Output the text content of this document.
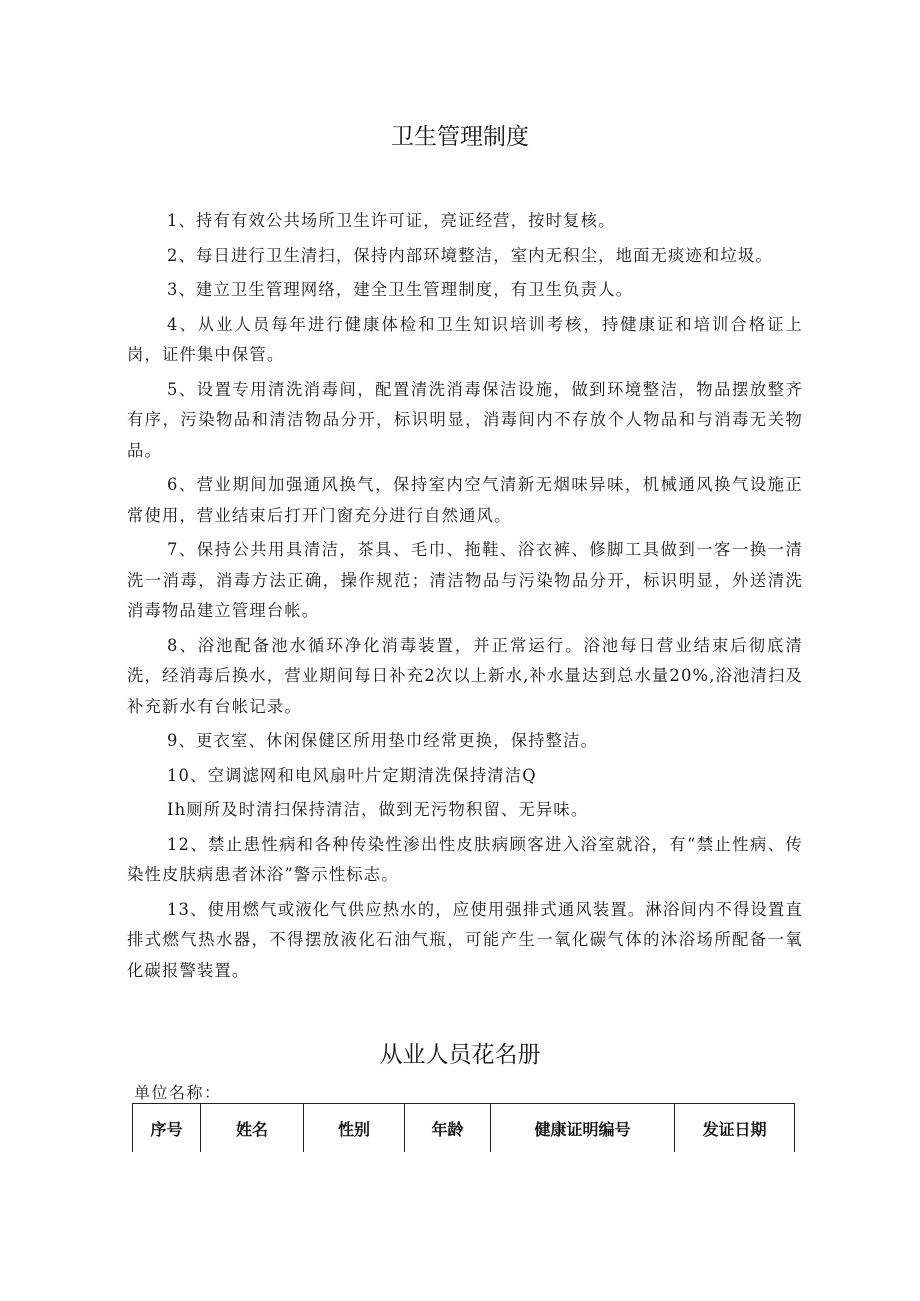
卫生管理制度
1、持有有效公共场所卫生许可证，亮证经营，按时复核。
2、每日进行卫生清扫，保持内部环境整洁，室内无积尘，地面无痰迹和垃圾。
3、建立卫生管理网络，建全卫生管理制度，有卫生负责人。
4、从业人员每年进行健康体检和卫生知识培训考核，持健康证和培训合格证上岗，证件集中保管。
5、设置专用清洗消毒间，配置清洗消毒保洁设施，做到环境整洁，物品摆放整齐有序，污染物品和清洁物品分开，标识明显，消毒间内不存放个人物品和与消毒无关物品。
6、营业期间加强通风换气，保持室内空气清新无烟味异味，机械通风换气设施正常使用，营业结束后打开门窗充分进行自然通风。
7、保持公共用具清洁，茶具、毛巾、拖鞋、浴衣裤、修脚工具做到一客一换一清洗一消毒，消毒方法正确，操作规范；清洁物品与污染物品分开，标识明显，外送清洗消毒物品建立管理台帐。
8、浴池配备池水循环净化消毒装置，并正常运行。浴池每日营业结束后彻底清洗，经消毒后换水，营业期间每日补充2次以上新水,补水量达到总水量20%,浴池清扫及补充新水有台帐记录。
9、更衣室、休闲保健区所用垫巾经常更换，保持整洁。
10、空调滤网和电风扇叶片定期清洗保持清洁Q
Ih厕所及时清扫保持清洁，做到无污物积留、无异味。
12、禁止患性病和各种传染性渗出性皮肤病顾客进入浴室就浴，有“禁止性病、传染性皮肤病患者沐浴”警示性标志。
13、使用燃气或液化气供应热水的，应使用强排式通风装置。淋浴间内不得设置直排式燃气热水器，不得摆放液化石油气瓶，可能产生一氧化碳气体的沐浴场所配备一氧化碳报警装置。
从业人员花名册
单位名称：
序号	姓名	性别	年龄	健康证明编号	发证日期
